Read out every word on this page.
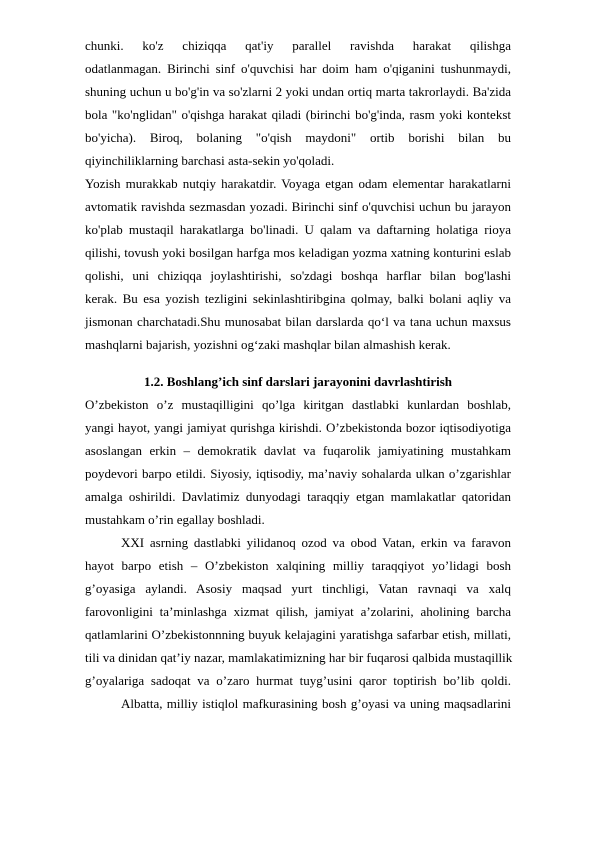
chunki. ko'z chiziqqa qat'iy parallel ravishda harakat qilishga
odatlanmagan. Birinchi sinf o'quvchisi har doim ham o'qiganini tushunmaydi,
shuning uchun u bo'g'in va so'zlarni 2 yoki undan ortiq marta takrorlaydi. Ba'zida
bola "ko'nglidan" o'qishga harakat qiladi (birinchi bo'g'inda, rasm yoki kontekst
bo'yicha). Biroq, bolaning "o'qish maydoni" ortib borishi bilan bu
qiyinchiliklarning barchasi asta-sekin yo'qoladi.
Yozish murakkab nutqiy harakatdir. Voyaga etgan odam elementar harakatlarni
avtomatik ravishda sezmasdan yozadi. Birinchi sinf o'quvchisi uchun bu jarayon
ko'plab mustaqil harakatlarga bo'linadi. U qalam va daftarning holatiga rioya
qilishi, tovush yoki bosilgan harfga mos keladigan yozma xatning konturini eslab
qolishi, uni chiziqqa joylashtirishi, so'zdagi boshqa harflar bilan bog'lashi
kerak. Bu esa yozish tezligini sekinlashtiribgina qolmay, balki bolani aqliy va
jismonan charchatadi.Shu munosabat bilan darslarda qo‘l va tana uchun maxsus
mashqlarni bajarish, yozishni og‘zaki mashqlar bilan almashish kerak.
1.2. Boshlang’ich sinf darslari jarayonini davrlashtirish
O’zbekiston o’z mustaqilligini qo’lga kiritgan dastlabki kunlardan boshlab,
yangi hayot, yangi jamiyat qurishga kirishdi. O’zbekistonda bozor iqtisodiyotiga
asoslangan erkin – demokratik davlat va fuqarolik jamiyatining mustahkam
poydevori barpo etildi. Siyosiy, iqtisodiy, ma’naviy sohalarda ulkan o’zgarishlar
amalga oshirildi. Davlatimiz dunyodagi taraqqiy etgan mamlakatlar qatoridan
mustahkam o’rin egallay boshladi.
XXI asrning dastlabki yilidanoq ozod va obod Vatan, erkin va faravon
hayot barpo etish – O’zbekiston xalqining milliy taraqqiyot yo’lidagi bosh
g’oyasiga aylandi. Asosiy maqsad yurt tinchligi, Vatan ravnaqi va xalq
farovonligini ta’minlashga xizmat qilish, jamiyat a’zolarini, aholining barcha
qatlamlarini O’zbekistonnning buyuk kelajagini yaratishga safarbar etish, millati,
tili va dinidan qat’iy nazar, mamlakatimizning har bir fuqarosi qalbida mustaqillik
g’oyalariga sadoqat va o’zaro hurmat tuyg’usini qaror toptirish bo’lib qoldi.
Albatta, milliy istiqlol mafkurasining bosh g’oyasi va uning maqsadlarini
